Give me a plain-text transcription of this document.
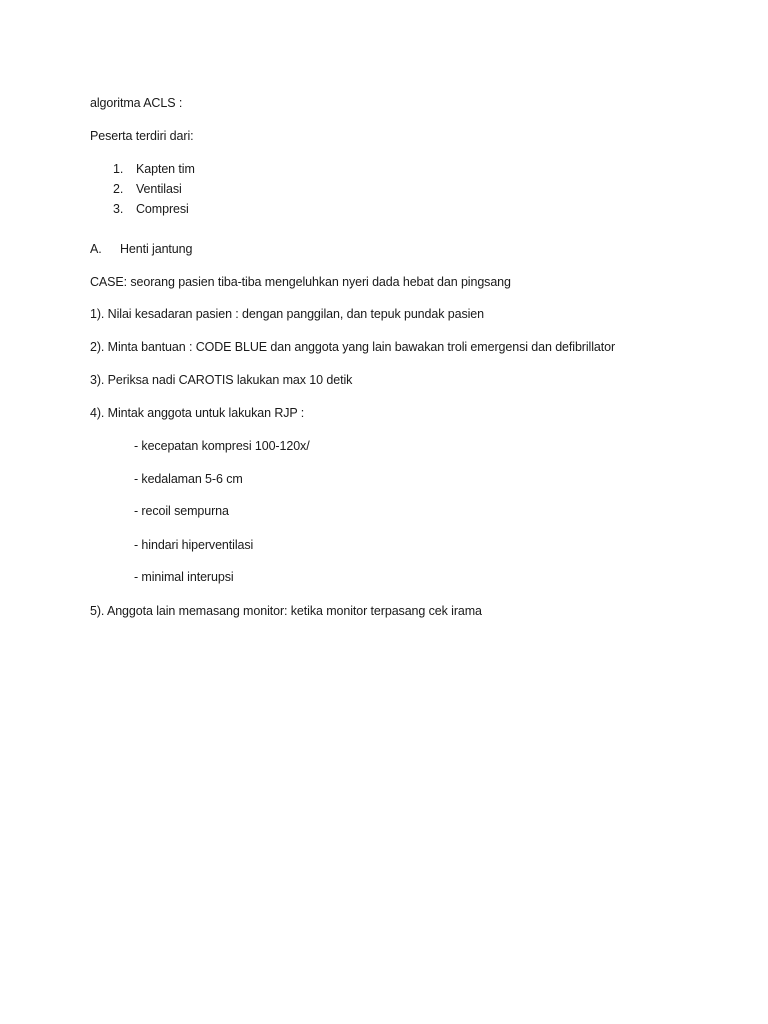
algoritma ACLS :
Peserta terdiri dari:
1. Kapten tim
2. Ventilasi
3. Compresi
A. Henti jantung
CASE: seorang pasien tiba-tiba mengeluhkan nyeri dada hebat dan pingsang
1). Nilai kesadaran pasien : dengan panggilan, dan tepuk pundak pasien
2). Minta bantuan : CODE BLUE dan anggota yang lain bawakan troli emergensi dan defibrillator
3). Periksa nadi CAROTIS lakukan max 10 detik
4). Mintak anggota untuk lakukan RJP :
- kecepatan kompresi 100-120x/
- kedalaman 5-6 cm
- recoil sempurna
- hindari hiperventilasi
- minimal interupsi
5). Anggota lain memasang monitor: ketika monitor terpasang cek irama
